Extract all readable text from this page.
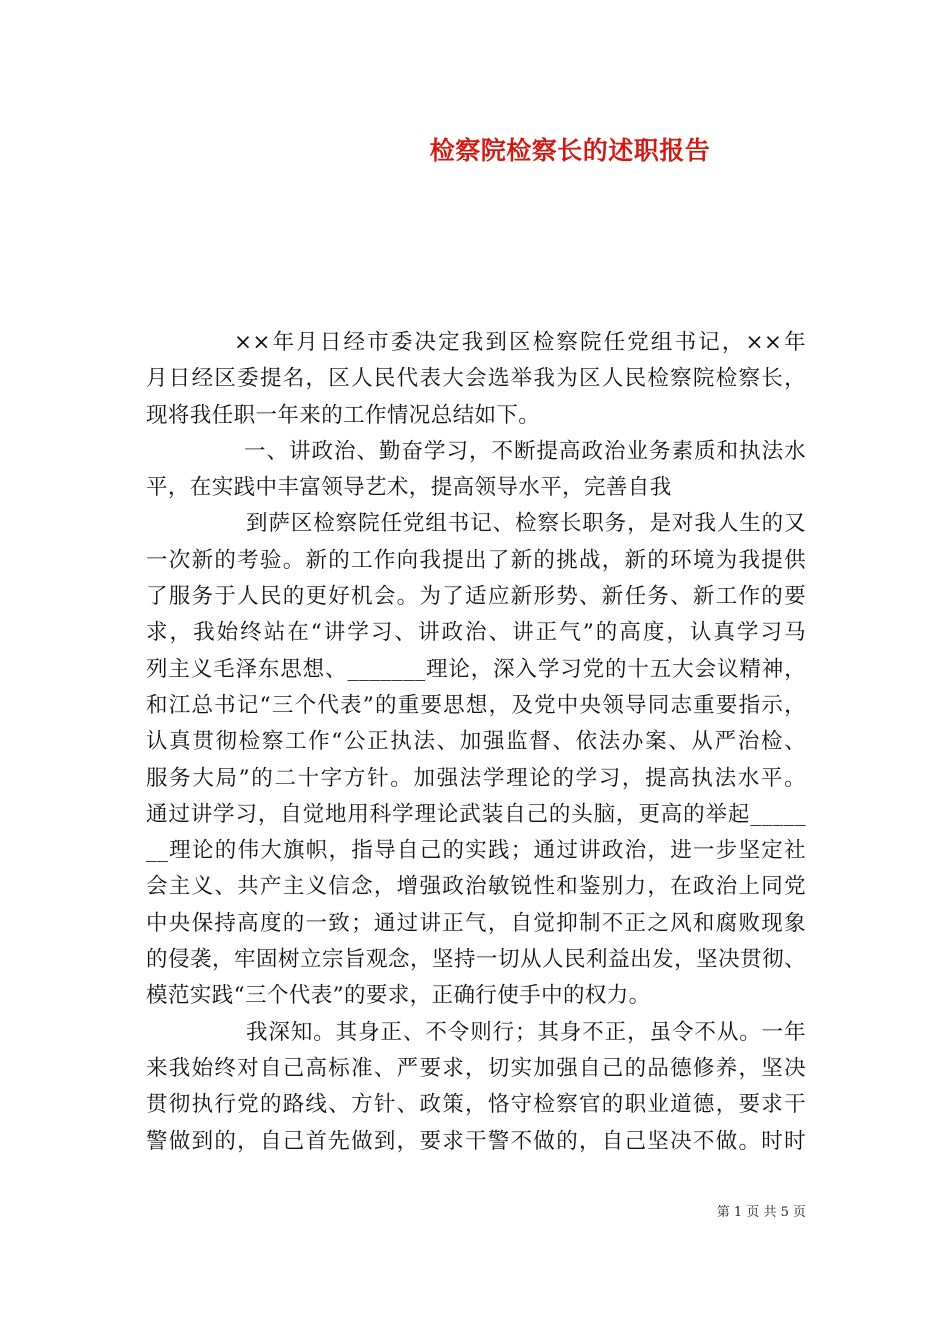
检察院检察长的述职报告
××年月日经市委决定我到区检察院任党组书记，××年
月日经区委提名，区人民代表大会选举我为区人民检察院检察长，
现将我任职一年来的工作情况总结如下。
一、讲政治、勤奋学习，不断提高政治业务素质和执法水
平，在实践中丰富领导艺术，提高领导水平，完善自我
到萨区检察院任党组书记、检察长职务，是对我人生的又
一次新的考验。新的工作向我提出了新的挑战，新的环境为我提供
了服务于人民的更好机会。为了适应新形势、新任务、新工作的要
求，我始终站在“讲学习、讲政治、讲正气”的高度，认真学习马
列主义毛泽东思想、_______理论，深入学习党的十五大会议精神，
和江总书记“三个代表”的重要思想，及党中央领导同志重要指示，
认真贯彻检察工作“公正执法、加强监督、依法办案、从严治检、
服务大局”的二十字方针。加强法学理论的学习，提高执法水平。
通过讲学习，自觉地用科学理论武装自己的头脑，更高的举起_____
__理论的伟大旗帜，指导自己的实践；通过讲政治，进一步坚定社
会主义、共产主义信念，增强政治敏锐性和鉴别力，在政治上同党
中央保持高度的一致；通过讲正气，自觉抑制不正之风和腐败现象
的侵袭，牢固树立宗旨观念，坚持一切从人民利益出发，坚决贯彻、
模范实践“三个代表”的要求，正确行使手中的权力。
我深知。其身正、不令则行；其身不正，虽令不从。一年
来我始终对自己高标准、严要求，切实加强自己的品德修养，坚决
贯彻执行党的路线、方针、政策，恪守检察官的职业道德，要求干
警做到的，自己首先做到，要求干警不做的，自己坚决不做。时时
第 1 页 共 5 页
